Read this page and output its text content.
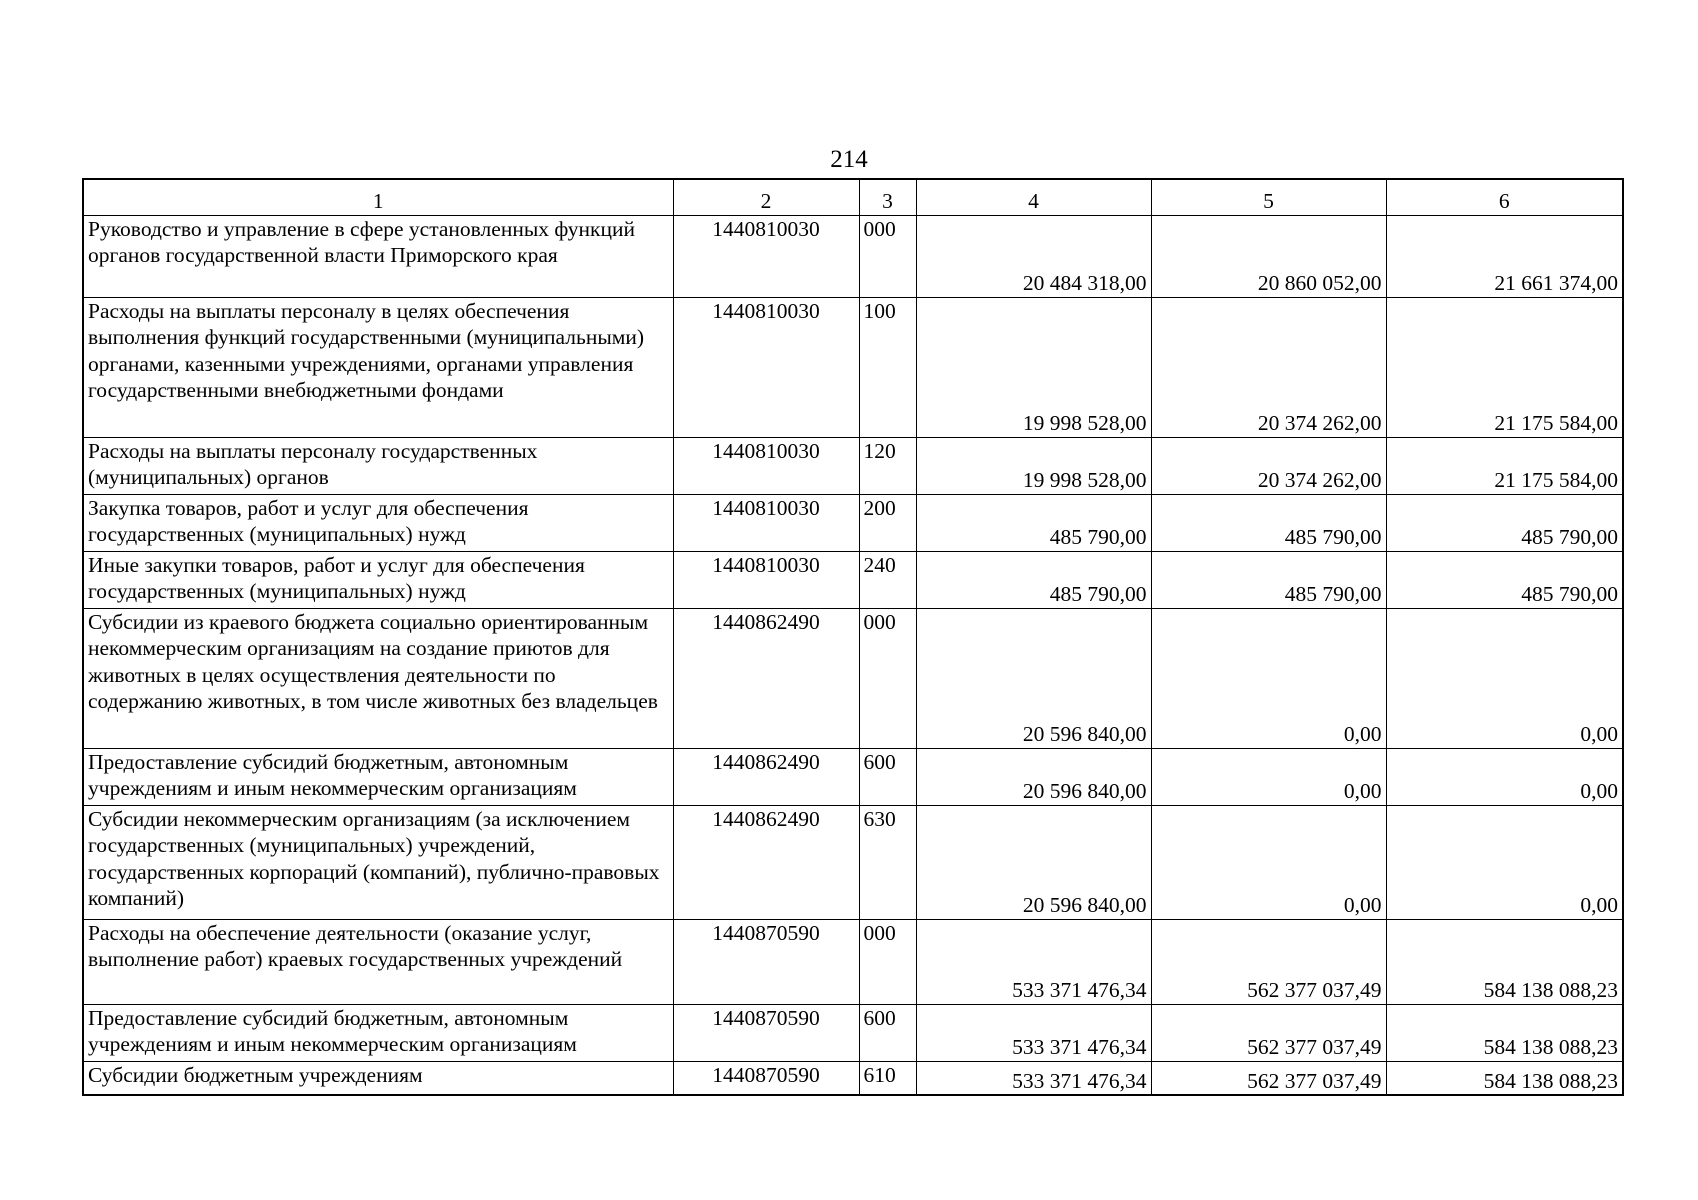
214
1	2	3	4	5	6
Руководство и управление в сфере установленных функций органов государственной власти Приморского края	1440810030	000	20 484 318,00	20 860 052,00	21 661 374,00
Расходы на выплаты персоналу в целях обеспечения выполнения функций государственными (муниципальными) органами, казенными учреждениями, органами управления государственными внебюджетными фондами	1440810030	100	19 998 528,00	20 374 262,00	21 175 584,00
Расходы на выплаты персоналу государственных (муниципальных) органов	1440810030	120	19 998 528,00	20 374 262,00	21 175 584,00
Закупка товаров, работ и услуг для обеспечения государственных (муниципальных) нужд	1440810030	200	485 790,00	485 790,00	485 790,00
Иные закупки товаров, работ и услуг для обеспечения государственных (муниципальных) нужд	1440810030	240	485 790,00	485 790,00	485 790,00
Субсидии из краевого бюджета социально ориентированным некоммерческим организациям на создание приютов для животных в целях осуществления деятельности по содержанию животных, в том числе животных без владельцев	1440862490	000	20 596 840,00	0,00	0,00
Предоставление субсидий бюджетным, автономным учреждениям и иным некоммерческим организациям	1440862490	600	20 596 840,00	0,00	0,00
Субсидии некоммерческим организациям (за исключением государственных (муниципальных) учреждений, государственных корпораций (компаний), публично-правовых компаний)	1440862490	630	20 596 840,00	0,00	0,00
Расходы на обеспечение деятельности (оказание услуг, выполнение работ) краевых государственных учреждений	1440870590	000	533 371 476,34	562 377 037,49	584 138 088,23
Предоставление субсидий бюджетным, автономным учреждениям и иным некоммерческим организациям	1440870590	600	533 371 476,34	562 377 037,49	584 138 088,23
Субсидии бюджетным учреждениям	1440870590	610	533 371 476,34	562 377 037,49	584 138 088,23
